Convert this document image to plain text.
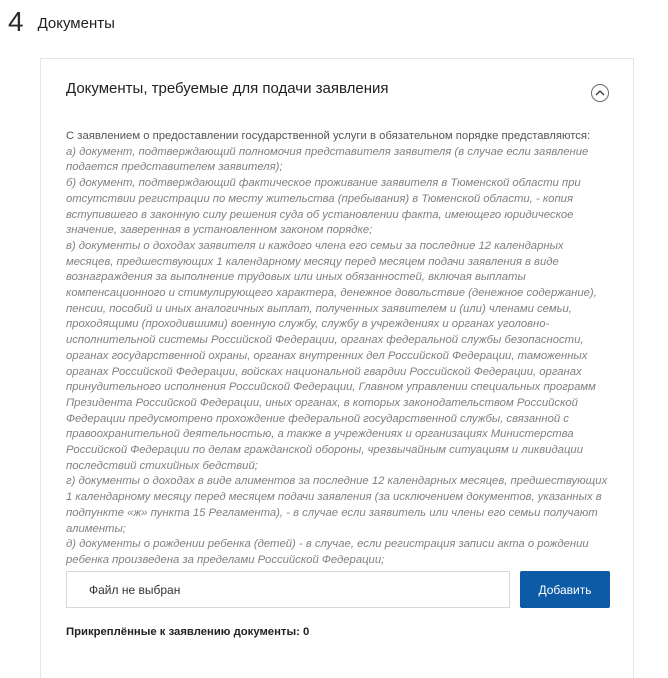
4 Документы
Документы, требуемые для подачи заявления

С заявлением о предоставлении государственной услуги в обязательном порядке представляются:

а) документ, подтверждающий полномочия представителя заявителя (в случае если заявление подается представителем заявителя);
б) документ, подтверждающий фактическое проживание заявителя в Тюменской области при отсутствии регистрации по месту жительства (пребывания) в Тюменской области, - копия вступившего в законную силу решения суда об установлении факта, имеющего юридическое значение, заверенная в установленном законом порядке;
в) документы о доходах заявителя и каждого члена его семьи за последние 12 календарных месяцев, предшествующих 1 календарному месяцу перед месяцем подачи заявления в виде вознаграждения за выполнение трудовых или иных обязанностей, включая выплаты компенсационного и стимулирующего характера, денежное довольствие (денежное содержание), пенсии, пособий и иных аналогичных выплат, полученных заявителем и (или) членами семьи, проходящими (проходившими) военную службу, службу в учреждениях и органах уголовно-исполнительной системы Российской Федерации, органах федеральной службы безопасности, органах государственной охраны, органах внутренних дел Российской Федерации, таможенных органах Российской Федерации, войсках национальной гвардии Российской Федерации, органах принудительного исполнения Российской Федерации, Главном управлении специальных программ Президента Российской Федерации, иных органах, в которых законодательством Российской Федерации предусмотрено прохождение федеральной государственной службы, связанной с правоохранительной деятельностью, а также в учреждениях и организациях Министерства Российской Федерации по делам гражданской обороны, чрезвычайным ситуациям и ликвидации последствий стихийных бедствий;
г) документы о доходах в виде алиментов за последние 12 календарных месяцев, предшествующих 1 календарному месяцу перед месяцем подачи заявления (за исключением документов, указанных в подпункте «ж» пункта 15 Регламента), - в случае если заявитель или члены его семьи получают алименты;
д) документы о рождении ребенка (детей) - в случае, если регистрация записи акта о рождении ребенка произведена за пределами Российской Федерации;
Файл не выбран	Добавить
Прикреплённые к заявлению документы: 0
